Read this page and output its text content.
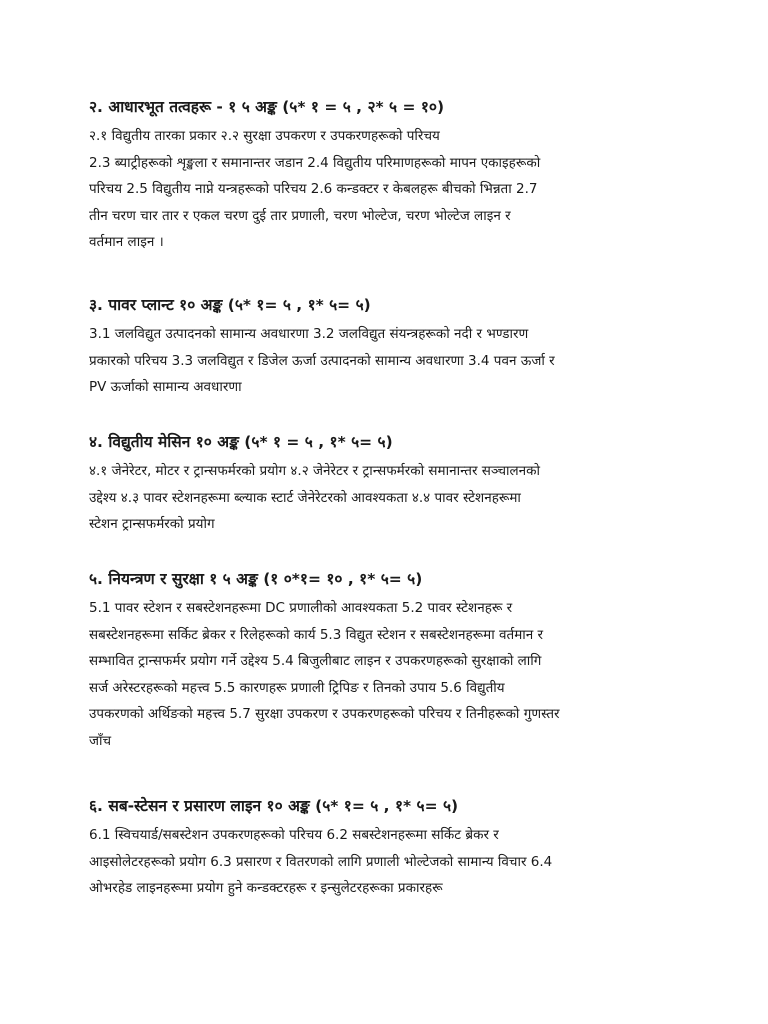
२. आधारभूत तत्वहरू - १ ५ अङ्क (५* १ = ५ , २* ५ = १०)
२.१ विद्युतीय तारका प्रकार २.२ सुरक्षा उपकरण र उपकरणहरूको परिचय
2.3 ब्याट्रीहरूको शृङ्खला र समानान्तर जडान 2.4 विद्युतीय परिमाणहरूको मापन एकाइहरूको
परिचय 2.5 विद्युतीय नाप्ने यन्त्रहरूको परिचय 2.6 कन्डक्टर र केबलहरू बीचको भिन्नता 2.7
तीन चरण चार तार र एकल चरण दुई तार प्रणाली, चरण भोल्टेज, चरण भोल्टेज लाइन र
वर्तमान लाइन ।
३. पावर प्लान्ट १० अङ्क (५* १= ५ , १* ५= ५)
3.1 जलविद्युत उत्पादनको सामान्य अवधारणा 3.2 जलविद्युत संयन्त्रहरूको नदी र भण्डारण
प्रकारको परिचय 3.3 जलविद्युत र डिजेल ऊर्जा उत्पादनको सामान्य अवधारणा 3.4 पवन ऊर्जा र
PV ऊर्जाको सामान्य अवधारणा
४. विद्युतीय मेसिन १० अङ्क (५* १ = ५ , १* ५= ५)
४.१ जेनेरेटर, मोटर र ट्रान्सफर्मरको प्रयोग ४.२ जेनेरेटर र ट्रान्सफर्मरको समानान्तर सञ्चालनको
उद्देश्य ४.३ पावर स्टेशनहरूमा ब्ल्याक स्टार्ट जेनेरेटरको आवश्यकता ४.४ पावर स्टेशनहरूमा
स्टेशन ट्रान्सफर्मरको प्रयोग
५. नियन्त्रण र सुरक्षा १ ५ अङ्क (१ ०*१= १० , १* ५= ५)
5.1 पावर स्टेशन र सबस्टेशनहरूमा DC प्रणालीको आवश्यकता 5.2 पावर स्टेशनहरू र
सबस्टेशनहरूमा सर्किट ब्रेकर र रिलेहरूको कार्य 5.3 विद्युत स्टेशन र सबस्टेशनहरूमा वर्तमान र
सम्भावित ट्रान्सफर्मर प्रयोग गर्ने उद्देश्य 5.4 बिजुलीबाट लाइन र उपकरणहरूको सुरक्षाको लागि
सर्ज अरेस्टरहरूको महत्त्व 5.5 कारणहरू प्रणाली ट्रिपिङ र तिनको उपाय 5.6 विद्युतीय
उपकरणको अर्थिङको महत्त्व 5.7 सुरक्षा उपकरण र उपकरणहरूको परिचय र तिनीहरूको गुणस्तर
जाँच
६. सब-स्टेसन र प्रसारण लाइन १० अङ्क (५* १= ५ , १* ५= ५)
6.1 स्विचयार्ड/सबस्टेशन उपकरणहरूको परिचय 6.2 सबस्टेशनहरूमा सर्किट ब्रेकर र
आइसोलेटरहरूको प्रयोग 6.3 प्रसारण र वितरणको लागि प्रणाली भोल्टेजको सामान्य विचार 6.4
ओभरहेड लाइनहरूमा प्रयोग हुने कन्डक्टरहरू र इन्सुलेटरहरूका प्रकारहरू
